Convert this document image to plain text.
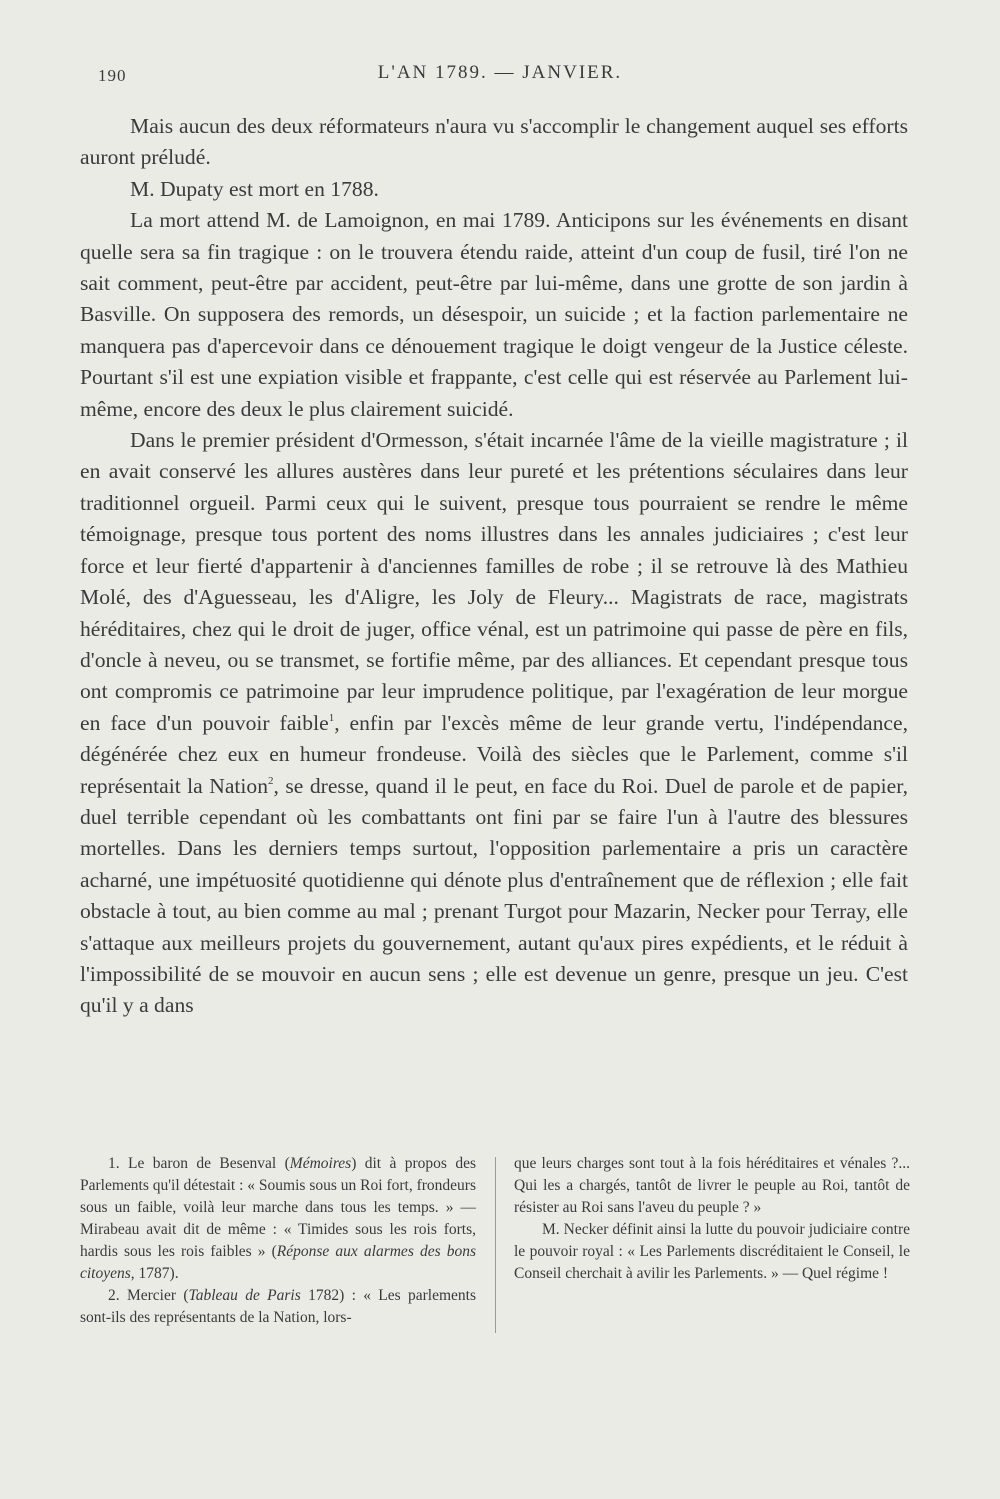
190	L'AN 1789. — JANVIER.

Mais aucun des deux réformateurs n'aura vu s'accomplir le changement auquel ses efforts auront préludé.

M. Dupaty est mort en 1788.

La mort attend M. de Lamoignon, en mai 1789. Anticipons sur les événements en disant quelle sera sa fin tragique : on le trouvera étendu raide, atteint d'un coup de fusil, tiré l'on ne sait comment, peut-être par accident, peut-être par lui-même, dans une grotte de son jardin à Basville. On supposera des remords, un désespoir, un suicide ; et la faction parlementaire ne manquera pas d'apercevoir dans ce dénouement tragique le doigt vengeur de la Justice céleste. Pourtant s'il est une expiation visible et frappante, c'est celle qui est réservée au Parlement lui-même, encore des deux le plus clairement suicidé.

Dans le premier président d'Ormesson, s'était incarnée l'âme de la vieille magistrature ; il en avait conservé les allures austères dans leur pureté et les prétentions séculaires dans leur traditionnel orgueil. Parmi ceux qui le suivent, presque tous pourraient se rendre le même témoignage, presque tous portent des noms illustres dans les annales judiciaires ; c'est leur force et leur fierté d'appartenir à d'anciennes familles de robe ; il se retrouve là des Mathieu Molé, des d'Aguesseau, les d'Aligre, les Joly de Fleury... Magistrats de race, magistrats héréditaires, chez qui le droit de juger, office vénal, est un patrimoine qui passe de père en fils, d'oncle à neveu, ou se transmet, se fortifie même, par des alliances. Et cependant presque tous ont compromis ce patrimoine par leur imprudence politique, par l'exagération de leur morgue en face d'un pouvoir faible$^1$, enfin par l'excès même de leur grande vertu, l'indépendance, dégénérée chez eux en humeur frondeuse. Voilà des siècles que le Parlement, comme s'il représentait la Nation$^2$, se dresse, quand il le peut, en face du Roi. Duel de parole et de papier, duel terrible cependant où les combattants ont fini par se faire l'un à l'autre des blessures mortelles. Dans les derniers temps surtout, l'opposition parlementaire a pris un caractère acharné, une impétuosité quotidienne qui dénote plus d'entraînement que de réflexion ; elle fait obstacle à tout, au bien comme au mal ; prenant Turgot pour Mazarin, Necker pour Terray, elle s'attaque aux meilleurs projets du gouvernement, autant qu'aux pires expédients, et le réduit à l'impossibilité de se mouvoir en aucun sens ; elle est devenue un genre, presque un jeu. C'est qu'il y a dans

1. Le baron de Besenval (Mémoires) dit à propos des Parlements qu'il détestait : « Soumis sous un Roi fort, frondeurs sous un faible, voilà leur marche dans tous les temps. » — Mirabeau avait dit de même : « Timides sous les rois forts, hardis sous les rois faibles » (Réponse aux alarmes des bons citoyens, 1787).

2. Mercier (Tableau de Paris 1782) : « Les parlements sont-ils des représentants de la Nation, lors-

que leurs charges sont tout à la fois héréditaires et vénales ?... Qui les a chargés, tantôt de livrer le peuple au Roi, tantôt de résister au Roi sans l'aveu du peuple ? »

M. Necker définit ainsi la lutte du pouvoir judiciaire contre le pouvoir royal : « Les Parlements discréditaient le Conseil, le Conseil cherchait à avilir les Parlements. » — Quel régime !
